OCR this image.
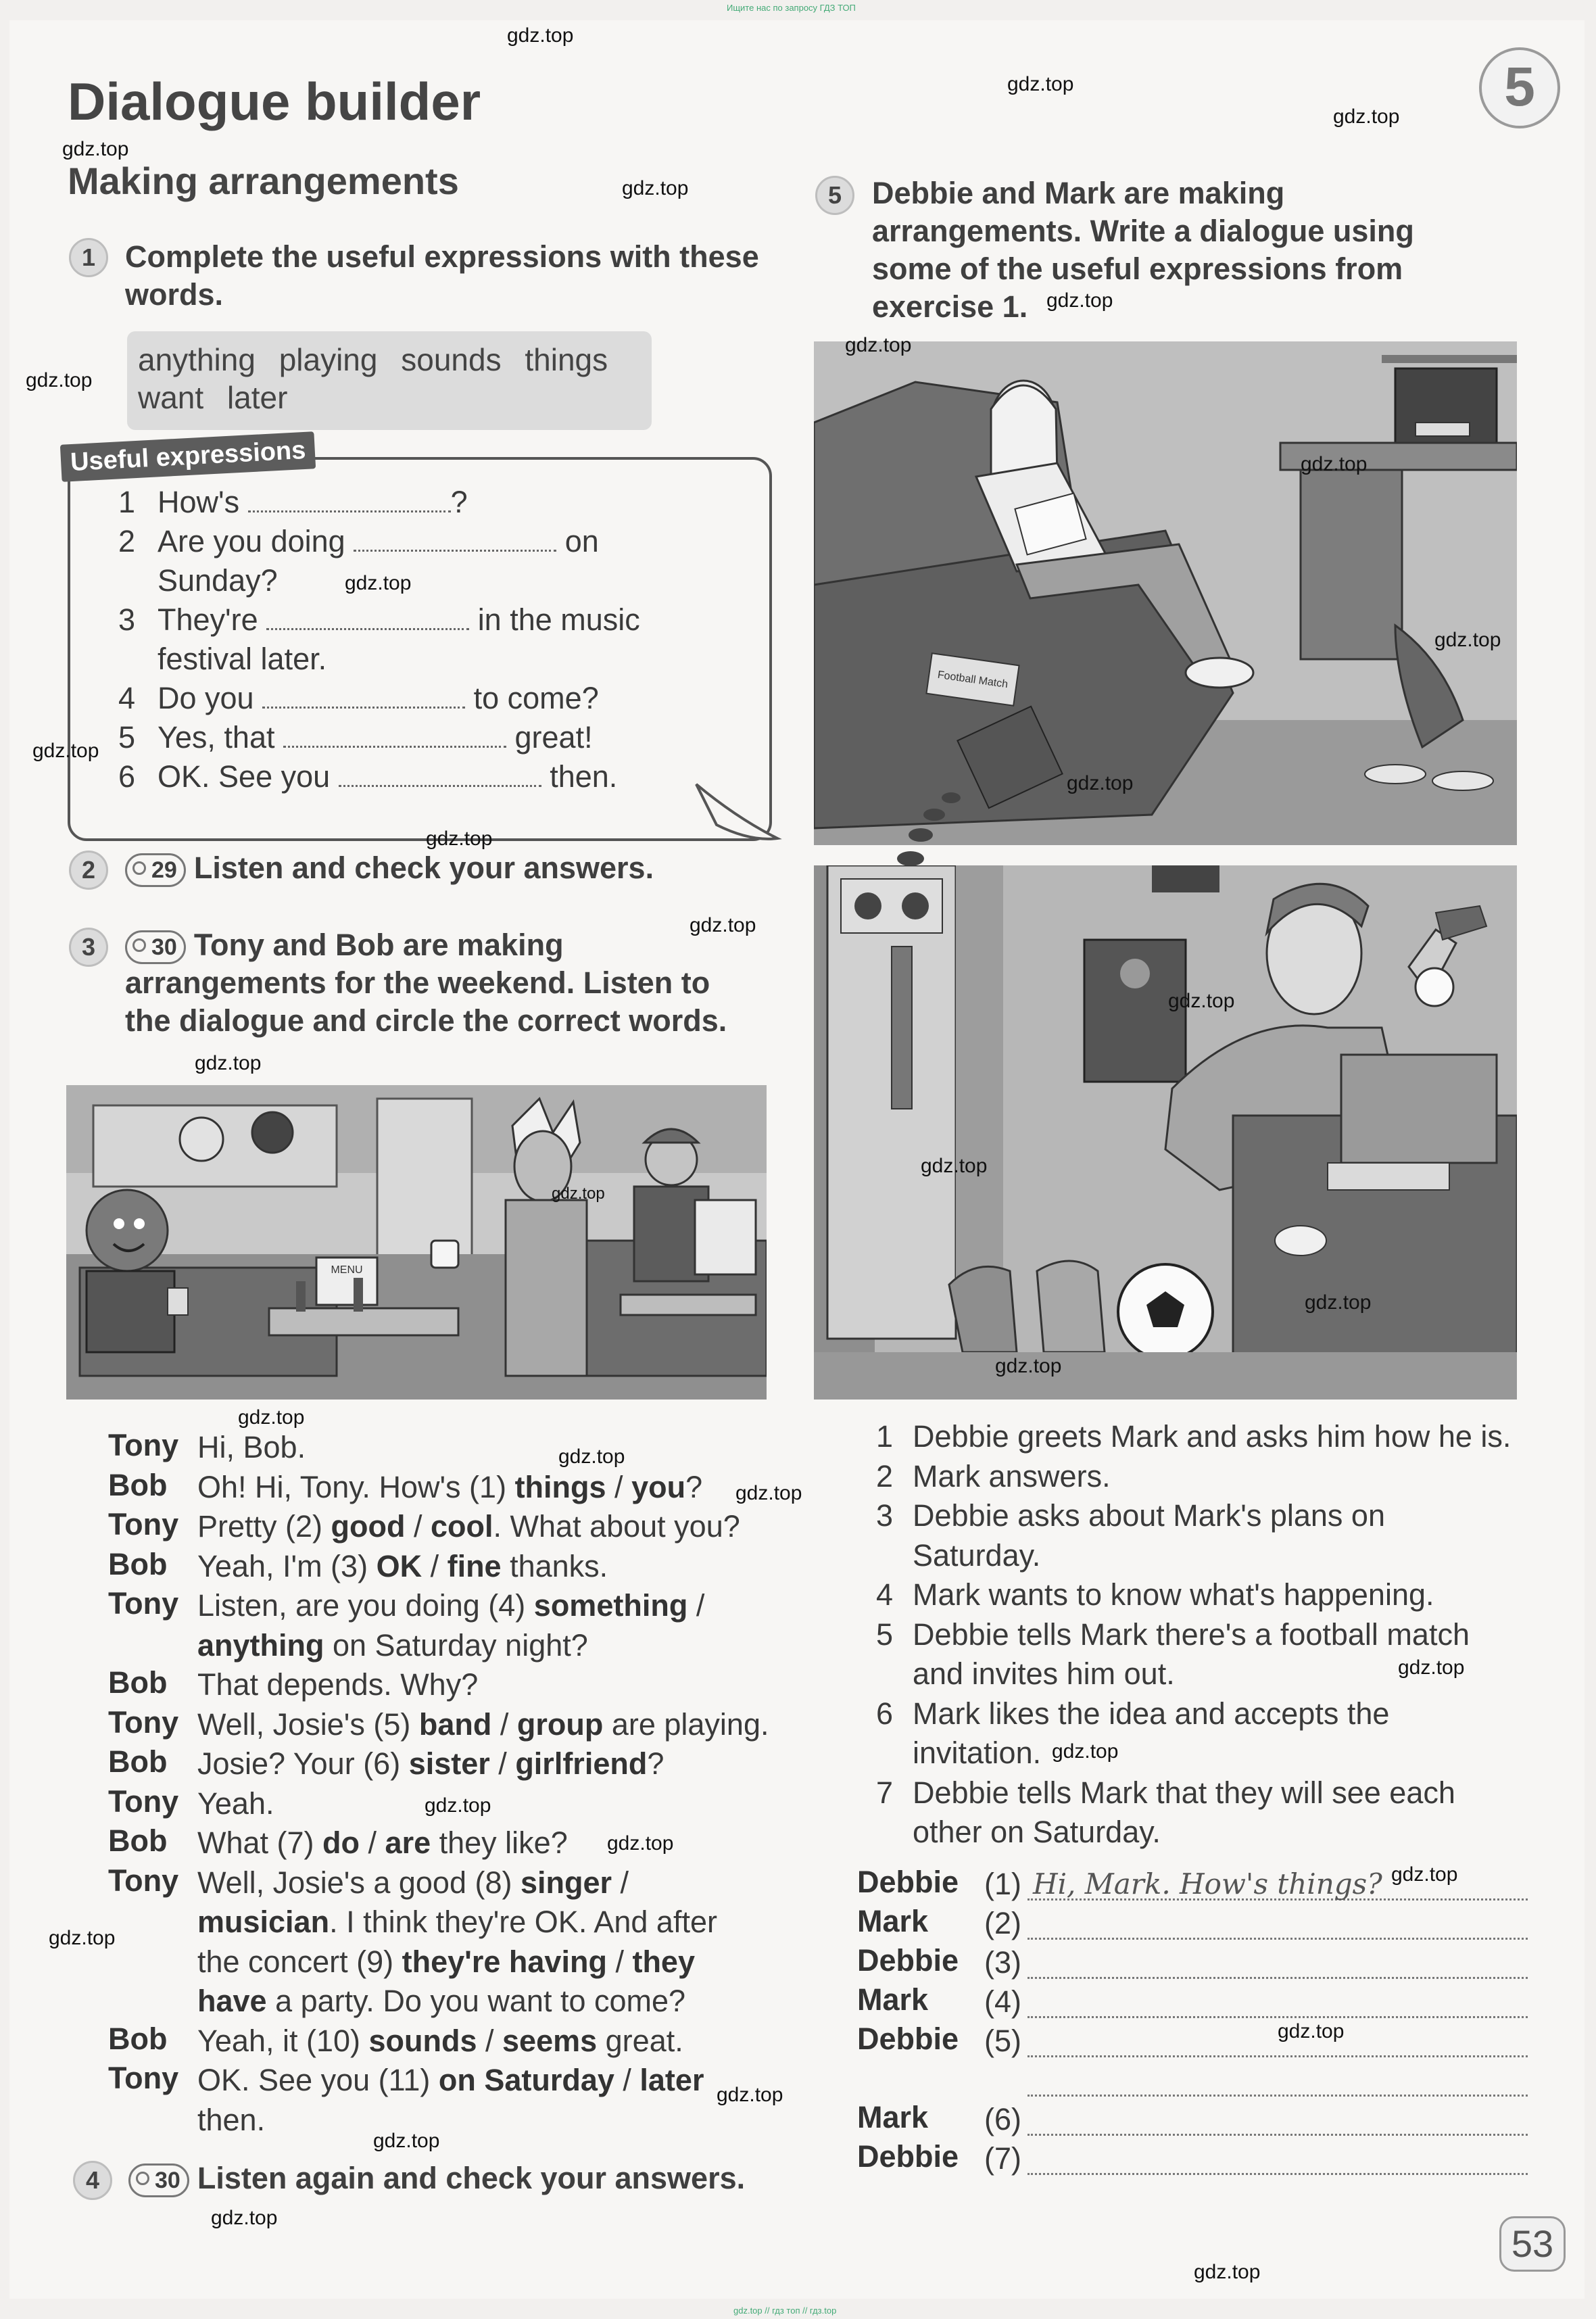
Ищите нас по запросу ГДЗ ТОП
gdz.top // гдз топ // гдз.top
Dialogue builder
Making arrangements
5
1 Complete the useful expressions with these words.
anything playing sounds things
want later
Useful expressions
1 How's	?
2 Are you doing	on
Sunday?
3 They're	in the music
festival later.
4 Do you	to come?
5 Yes, that	great!
6 OK. See you	then.
2	29 Listen and check your answers.
3	30 Tony and Bob are making
arrangements for the weekend. Listen to
the dialogue and circle the correct words.
MENU
Tony Hi, Bob.
Bob Oh! Hi, Tony. How's (1) things / you?
Tony Pretty (2) good / cool. What about you?
Bob Yeah, I'm (3) OK / fine thanks.
Tony Listen, are you doing (4) something /
anything on Saturday night?
Bob That depends. Why?
Tony Well, Josie's (5) band / group are playing.
Bob Josie? Your (6) sister / girlfriend?
Tony Yeah.
Bob What (7) do / are they like?
Tony Well, Josie's a good (8) singer /
musician. I think they're OK. And after
the concert (9) they're having / they
have a party. Do you want to come?
Bob Yeah, it (10) sounds / seems great.
Tony OK. See you (11) on Saturday / later
then.
4	30 Listen again and check your answers.
5 Debbie and Mark are making
arrangements. Write a dialogue using
some of the useful expressions from
exercise 1.
Football Match
1 Debbie greets Mark and asks him how he is.
2 Mark answers.
3 Debbie asks about Mark's plans on
Saturday.
4 Mark wants to know what's happening.
5 Debbie tells Mark there's a football match
and invites him out.
6 Mark likes the idea and accepts the
invitation.
7 Debbie tells Mark that they will see each
other on Saturday.
Debbie (1) Hi, Mark. How's things?
Mark (2)
Debbie (3)
Mark (4)
Debbie (5)
Mark (6)
Debbie (7)
53
gdz.top
gdz.top
gdz.top
gdz.top
gdz.top
gdz.top
gdz.top
gdz.top
gdz.top
gdz.top
gdz.top
gdz.top
gdz.top
gdz.top
gdz.top
gdz.top
gdz.top
gdz.top
gdz.top
gdz.top
gdz.top
gdz.top
gdz.top
gdz.top
gdz.top
gdz.top
gdz.top
gdz.top
gdz.top
gdz.top
gdz.top
gdz.top
gdz.top
gdz.top
gdz.top
